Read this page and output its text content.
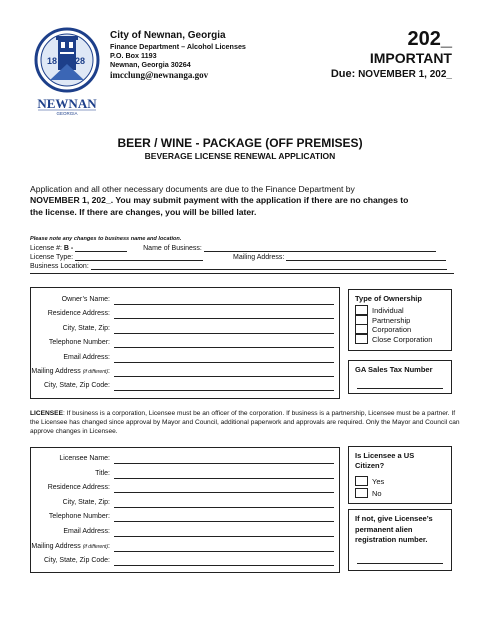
18 28
NEWNAN
GEORGIA
City of Newnan, Georgia
Finance Department – Alcohol Licenses
P.O. Box 1193
Newnan, Georgia 30264
imcclung@newnanga.gov
202_
IMPORTANT
Due: NOVEMBER 1, 202_
BEER / WINE - PACKAGE (OFF PREMISES)
BEVERAGE LICENSE RENEWAL APPLICATION
Application and all other necessary documents are due to the Finance Department by
NOVEMBER 1, 202_. You may submit payment with the application if there are no changes to
the license. If there are changes, you will be billed later.
Please note any changes to business name and location.
License #: B -	Name of Business:
License Type:	Mailing Address:
Business Location:
Owner’s Name:
Residence Address:
City, State, Zip:
Telephone Number:
Email Address:
Mailing Address (if different):
City, State, Zip Code:
Type of Ownership
Individual
Partnership
Corporation
Close Corporation
GA Sales Tax Number
LICENSEE: If business is a corporation, Licensee must be an officer of the corporation. If business is a partnership, Licensee must be a partner. If the Licensee has changed since approval by Mayor and Council, additional paperwork and approvals are required. Only the Mayor and Council can approve changes in Licensee.
Licensee Name:
Title:
Residence Address:
City, State, Zip:
Telephone Number:
Email Address:
Mailing Address (if different):
City, State, Zip Code:
Is Licensee a US
Citizen?
Yes
No
If not, give Licensee’s
permanent alien
registration number.
